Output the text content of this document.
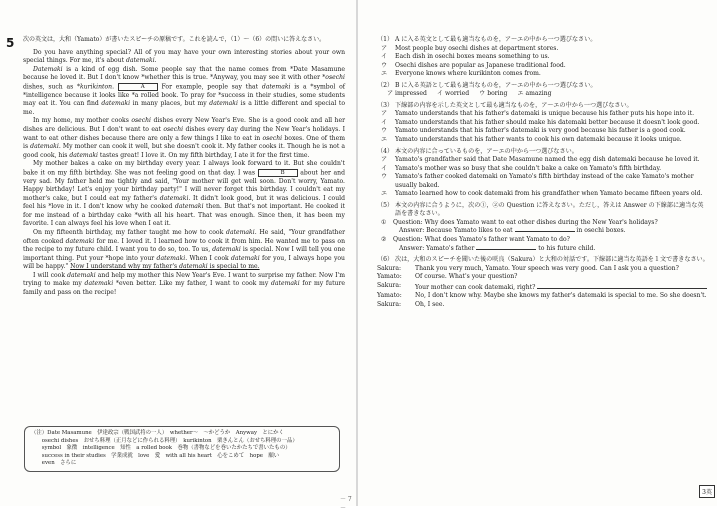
5 次の英文は，大和（Yamato）が書いたスピーチの原稿です。これを読んで，（1）～（6）の問いに答えなさい。

Do you have anything special? All of you may have your own interesting stories about your own special things. For me, it's about datemaki.

Datemaki is a kind of egg dish. Some people say that the name comes from *Date Masamune because he loved it. But I don't know *whether this is true. *Anyway, you may see it with other *osechi dishes, such as *kurikinton.	A For example, people say that datemaki is a *symbol of *intelligence because it looks like *a rolled book. To pray for *success in their studies, some students may eat it. You can find datemaki in many places, but my datemaki is a little different and special to me.

In my home, my mother cooks osechi dishes every New Year's Eve. She is a good cook and all her dishes are delicious. But I don't want to eat osechi dishes every day during the New Year's holidays. I want to eat other dishes because there are only a few things I like to eat in osechi boxes. One of them is datemaki. My mother can cook it well, but she doesn't cook it. My father cooks it. Though he is not a good cook, his datemaki tastes great! I love it. On my fifth birthday, I ate it for the first time.

My mother bakes a cake on my birthday every year. I always look forward to it. But she couldn't bake it on my fifth birthday. She was not feeling good on that day. I was	B about her and very sad. My father held me tightly and said, "Your mother will get well soon. Don't worry, Yamato. Happy birthday! Let's enjoy your birthday party!" I will never forget this birthday. I couldn't eat my mother's cake, but I could eat my father's datemaki. It didn't look good, but it was delicious. I could feel his *love in it. I don't know why he cooked datemaki then. But that's not important. He cooked it for me instead of a birthday cake *with all his heart. That was enough. Since then, it has been my favorite. I can always feel his love when I eat it.

On my fifteenth birthday, my father taught me how to cook datemaki. He said, "Your grandfather often cooked datemaki for me. I loved it. I learned how to cook it from him. He wanted me to pass on the recipe to my future child. I want you to do so, too. To us, datemaki is special. Now I will tell you one important thing. Put your *hope into your datemaki. When I cook datemaki for you, I always hope you will be happy." Now I understand why my father's datemaki is special to me.

I will cook datemaki and help my mother this New Year's Eve. I want to surprise my father. Now I'm trying to make my datemaki *even better. Like my father, I want to cook my datemaki for my future family and pass on the recipe!

（注）Date Masamune　伊達政宗（戦国武将の一人）　whether～　～かどうか　Anyway　とにかく
　　osechi dishes　おせち料理（正月などに作られる料理）　kurikinton　栗きんとん（おせち料理の一品）
　　symbol　象徴　intelligence　知性　a rolled book　巻物（書物などを巻いたかたちで書いたもの）
　　success in their studies　学業成就　love　愛　with all his heart　心をこめて　hope　願い
　　even　さらに
－ 7 －
（1） A に入る英文として最も適当なものを，ア～エの中から一つ選びなさい。
ア	Most people buy osechi dishes at department stores.
イ	Each dish in osechi boxes means something to us.
ウ	Osechi dishes are popular as Japanese traditional food.
エ	Everyone knows where kurikinton comes from.
（2） B に入る英語として最も適当なものを，ア～エの中から一つ選びなさい。
ア impressed イ worried ウ boring エ amazing
（3） 下線部の内容を示した英文として最も適当なものを，ア～エの中から一つ選びなさい。
ア	Yamato understands that his father's datemaki is unique because his father puts his hope into it.
イ	Yamato understands that his father should make his datemaki better because it doesn't look good.
ウ	Yamato understands that his father's datemaki is very good because his father is a good cook.
エ	Yamato understands that his father wants to cook his own datemaki because it looks unique.
（4） 本文の内容に合っているものを，ア～エの中から一つ選びなさい。
ア	Yamato's grandfather said that Date Masamune named the egg dish datemaki because he loved it.
イ	Yamato's mother was so busy that she couldn't bake a cake on Yamato's fifth birthday.
ウ	Yamato's father cooked datemaki on Yamato's fifth birthday instead of the cake Yamato's mother usually baked.
エ	Yamato learned how to cook datemaki from his grandfather when Yamato became fifteen years old.
（5） 本文の内容に合うように，次の①，②の Question に答えなさい。ただし，答えは Answer の下線部に適当な英語を書きなさい。
①	Question: Why does Yamato want to eat other dishes during the New Year's holidays?
Answer: Because Yamato likes to eat	in osechi boxes.
②	Question: What does Yamato's father want Yamato to do?
Answer: Yamato's father	to his future child.
（6） 次は，大和のスピーチを聞いた後の咲良（Sakura）と大和の対話です。下線部に適当な英語を１文で書きなさい。
Sakura:	Thank you very much, Yamato. Your speech was very good. Can I ask you a question?
Yamato:	Of course. What's your question?
Sakura:	Your mother can cook datemaki, right?
Yamato:	No, I don't know why. Maybe she knows my father's datemaki is special to me. So she doesn't.
Sakura:	Oh, I see.
3英
